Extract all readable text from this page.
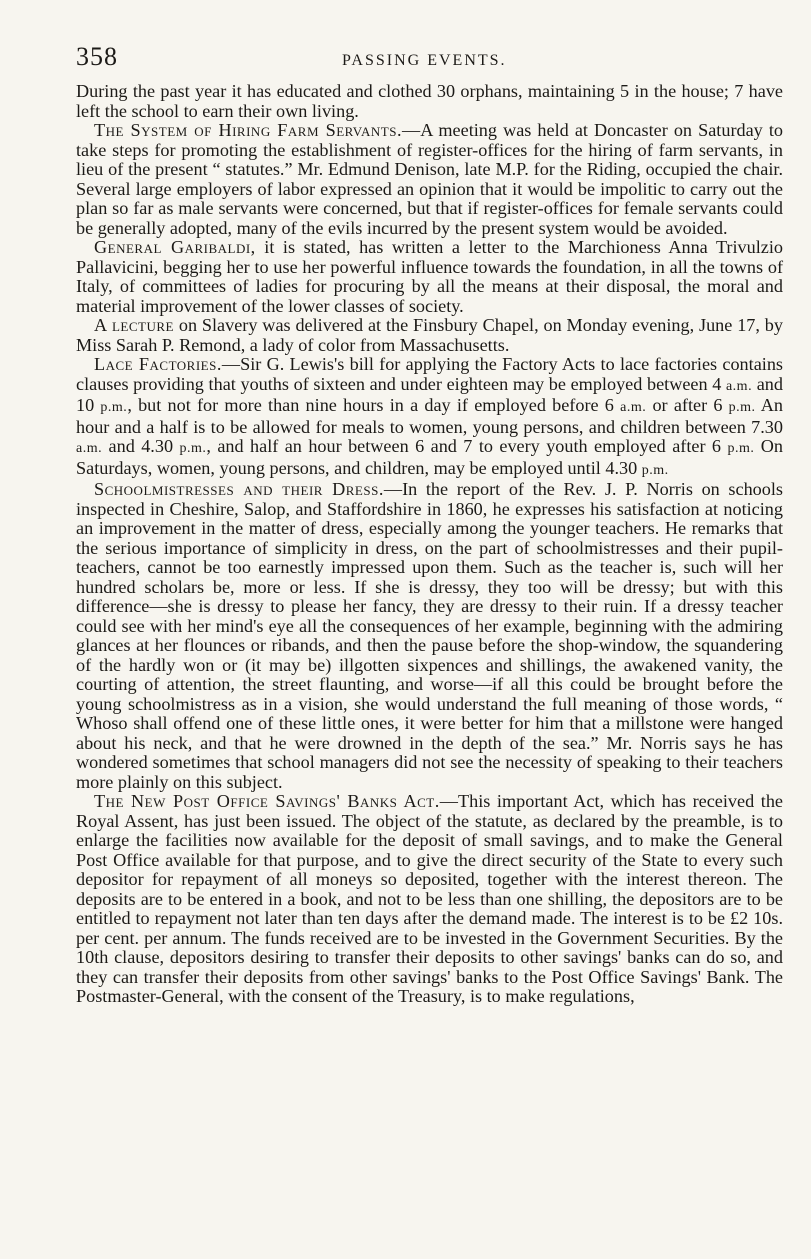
358	PASSING EVENTS.

During the past year it has educated and clothed 30 orphans, maintaining 5 in the house; 7 have left the school to earn their own living.

The System of Hiring Farm Servants.—A meeting was held at Doncaster on Saturday to take steps for promoting the establishment of register-offices for the hiring of farm servants, in lieu of the present “ statutes.” Mr. Edmund Denison, late M.P. for the Riding, occupied the chair. Several large employers of labor expressed an opinion that it would be impolitic to carry out the plan so far as male servants were concerned, but that if register-offices for female servants could be generally adopted, many of the evils incurred by the present system would be avoided.

General Garibaldi, it is stated, has written a letter to the Marchioness Anna Trivulzio Pallavicini, begging her to use her powerful influence towards the foundation, in all the towns of Italy, of committees of ladies for procuring by all the means at their disposal, the moral and material improvement of the lower classes of society.

A lecture on Slavery was delivered at the Finsbury Chapel, on Monday evening, June 17, by Miss Sarah P. Remond, a lady of color from Massachusetts.

Lace Factories.—Sir G. Lewis's bill for applying the Factory Acts to lace factories contains clauses providing that youths of sixteen and under eighteen may be employed between 4 a.m. and 10 p.m., but not for more than nine hours in a day if employed before 6 a.m. or after 6 p.m. An hour and a half is to be allowed for meals to women, young persons, and children between 7.30 a.m. and 4.30 p.m., and half an hour between 6 and 7 to every youth employed after 6 p.m. On Saturdays, women, young persons, and children, may be employed until 4.30 p.m.

Schoolmistresses and their Dress.—In the report of the Rev. J. P. Norris on schools inspected in Cheshire, Salop, and Staffordshire in 1860, he expresses his satisfaction at noticing an improvement in the matter of dress, especially among the younger teachers. He remarks that the serious importance of simplicity in dress, on the part of schoolmistresses and their pupil-teachers, cannot be too earnestly impressed upon them. Such as the teacher is, such will her hundred scholars be, more or less. If she is dressy, they too will be dressy; but with this difference—she is dressy to please her fancy, they are dressy to their ruin. If a dressy teacher could see with her mind's eye all the consequences of her example, beginning with the admiring glances at her flounces or ribands, and then the pause before the shop-window, the squandering of the hardly won or (it may be) illgotten sixpences and shillings, the awakened vanity, the courting of attention, the street flaunting, and worse—if all this could be brought before the young schoolmistress as in a vision, she would understand the full meaning of those words, “ Whoso shall offend one of these little ones, it were better for him that a millstone were hanged about his neck, and that he were drowned in the depth of the sea.” Mr. Norris says he has wondered sometimes that school managers did not see the necessity of speaking to their teachers more plainly on this subject.

The New Post Office Savings' Banks Act.—This important Act, which has received the Royal Assent, has just been issued. The object of the statute, as declared by the preamble, is to enlarge the facilities now available for the deposit of small savings, and to make the General Post Office available for that purpose, and to give the direct security of the State to every such depositor for repayment of all moneys so deposited, together with the interest thereon. The deposits are to be entered in a book, and not to be less than one shilling, the depositors are to be entitled to repayment not later than ten days after the demand made. The interest is to be £2 10s. per cent. per annum. The funds received are to be invested in the Government Securities. By the 10th clause, depositors desiring to transfer their deposits to other savings' banks can do so, and they can transfer their deposits from other savings' banks to the Post Office Savings' Bank. The Postmaster-General, with the consent of the Treasury, is to make regulations,
